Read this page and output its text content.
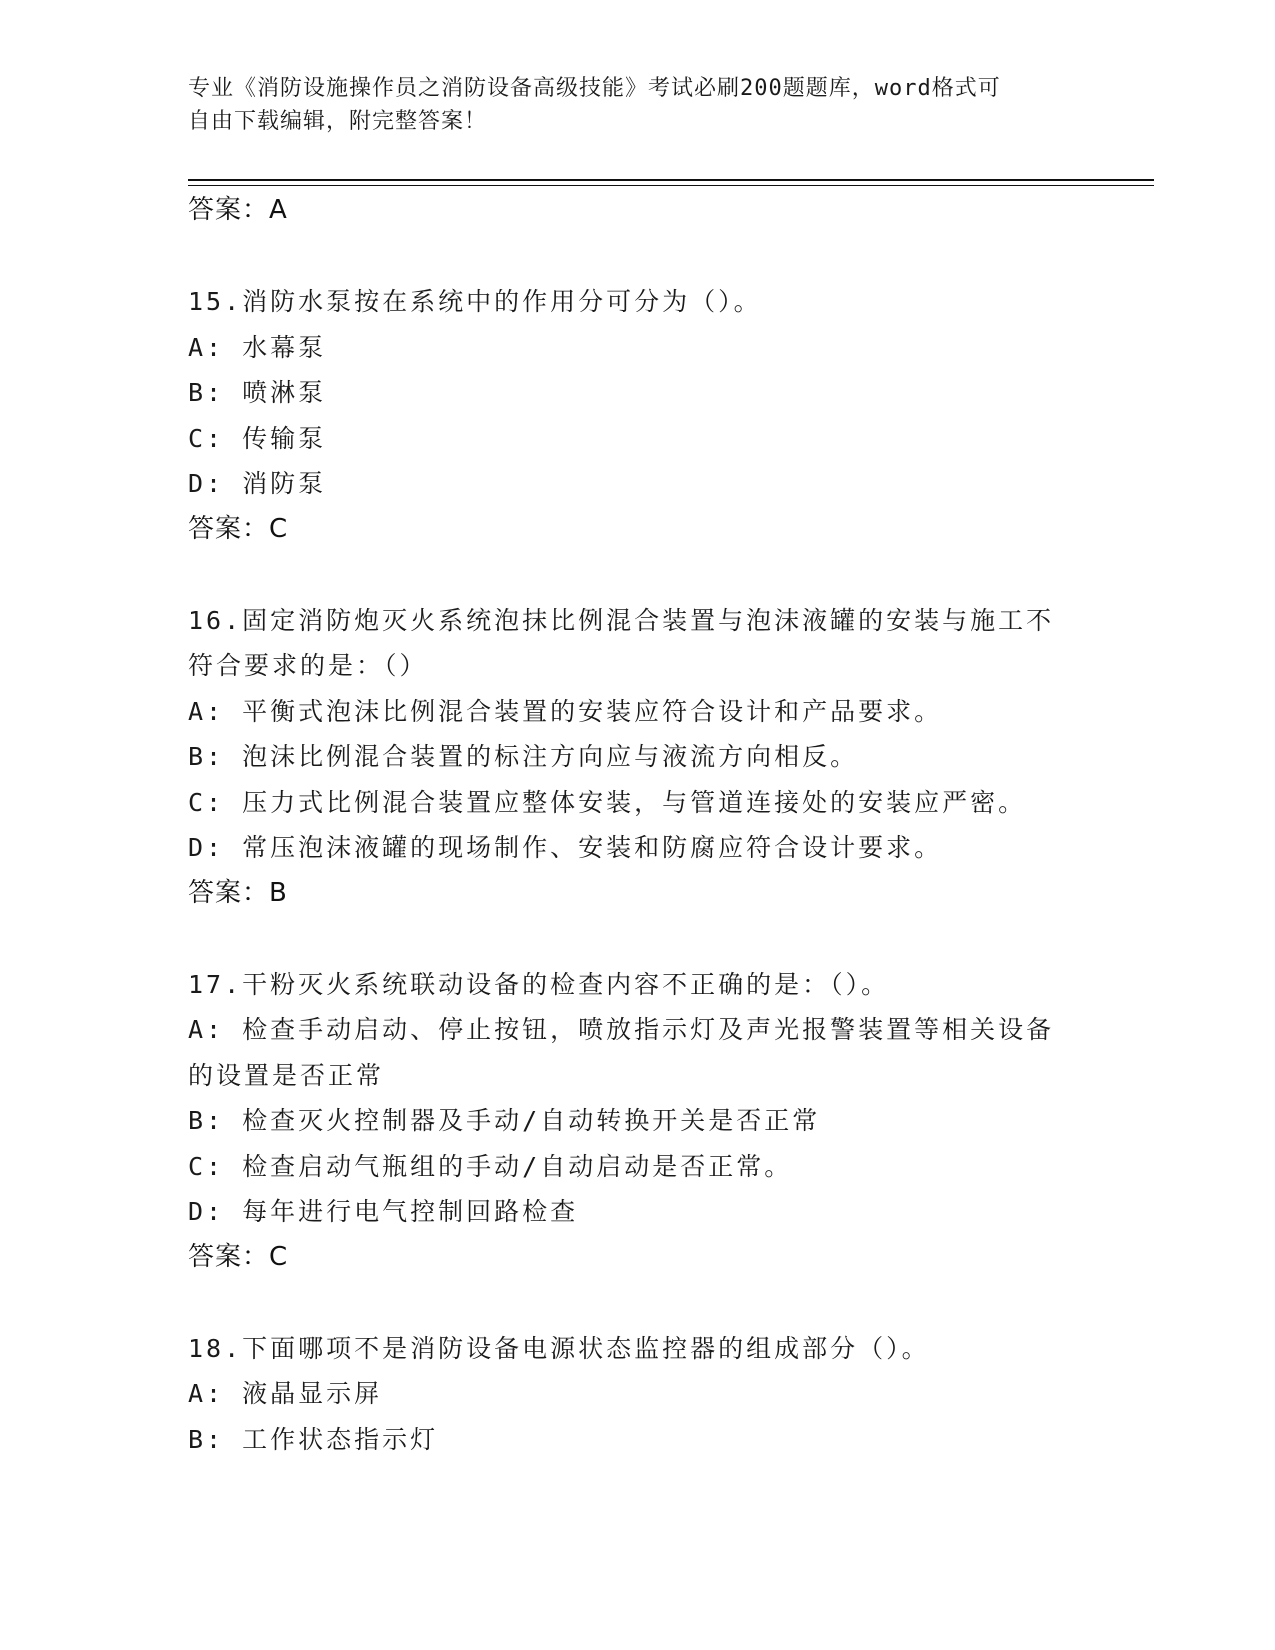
专业《消防设施操作员之消防设备高级技能》考试必刷200题题库，word格式可
自由下载编辑，附完整答案！
答案：A
15.消防水泵按在系统中的作用分可分为（）。
A: 水幕泵
B: 喷淋泵
C: 传输泵
D: 消防泵
答案：C
16.固定消防炮灭火系统泡抹比例混合装置与泡沫液罐的安装与施工不
符合要求的是：（）
A: 平衡式泡沫比例混合装置的安装应符合设计和产品要求。
B: 泡沫比例混合装置的标注方向应与液流方向相反。
C: 压力式比例混合装置应整体安装，与管道连接处的安装应严密。
D: 常压泡沫液罐的现场制作、安装和防腐应符合设计要求。
答案：B
17.干粉灭火系统联动设备的检查内容不正确的是：（）。
A: 检查手动启动、停止按钮，喷放指示灯及声光报警装置等相关设备
的设置是否正常
B: 检查灭火控制器及手动/自动转换开关是否正常
C: 检查启动气瓶组的手动/自动启动是否正常。
D: 每年进行电气控制回路检查
答案：C
18.下面哪项不是消防设备电源状态监控器的组成部分（）。
A: 液晶显示屏
B: 工作状态指示灯
